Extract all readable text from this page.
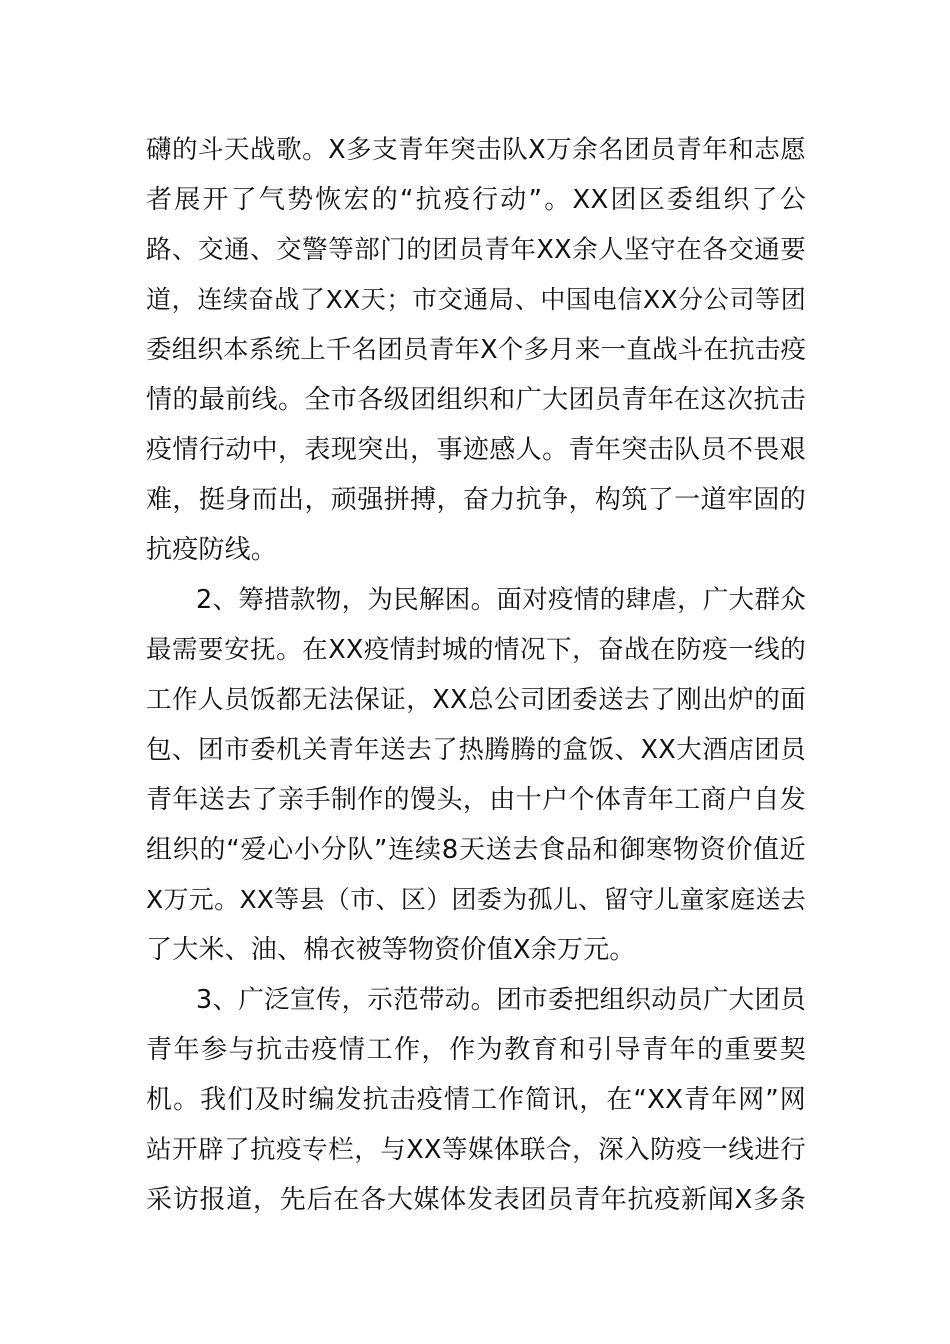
礴的斗天战歌。X多支青年突击队X万余名团员青年和志愿
者展开了气势恢宏的“抗疫行动”。XX团区委组织了公
路、交通、交警等部门的团员青年XX余人坚守在各交通要
道，连续奋战了XX天；市交通局、中国电信XX分公司等团
委组织本系统上千名团员青年X个多月来一直战斗在抗击疫
情的最前线。全市各级团组织和广大团员青年在这次抗击
疫情行动中，表现突出，事迹感人。青年突击队员不畏艰
难，挺身而出，顽强拼搏，奋力抗争，构筑了一道牢固的
抗疫防线。
2、筹措款物，为民解困。面对疫情的肆虐，广大群众
最需要安抚。在XX疫情封城的情况下，奋战在防疫一线的
工作人员饭都无法保证，XX总公司团委送去了刚出炉的面
包、团市委机关青年送去了热腾腾的盒饭、XX大酒店团员
青年送去了亲手制作的馒头，由十户个体青年工商户自发
组织的“爱心小分队”连续8天送去食品和御寒物资价值近
X万元。XX等县（市、区）团委为孤儿、留守儿童家庭送去
了大米、油、棉衣被等物资价值X余万元。
3、广泛宣传，示范带动。团市委把组织动员广大团员
青年参与抗击疫情工作，作为教育和引导青年的重要契
机。我们及时编发抗击疫情工作简讯，在“XX青年网”网
站开辟了抗疫专栏，与XX等媒体联合，深入防疫一线进行
采访报道，先后在各大媒体发表团员青年抗疫新闻X多条
